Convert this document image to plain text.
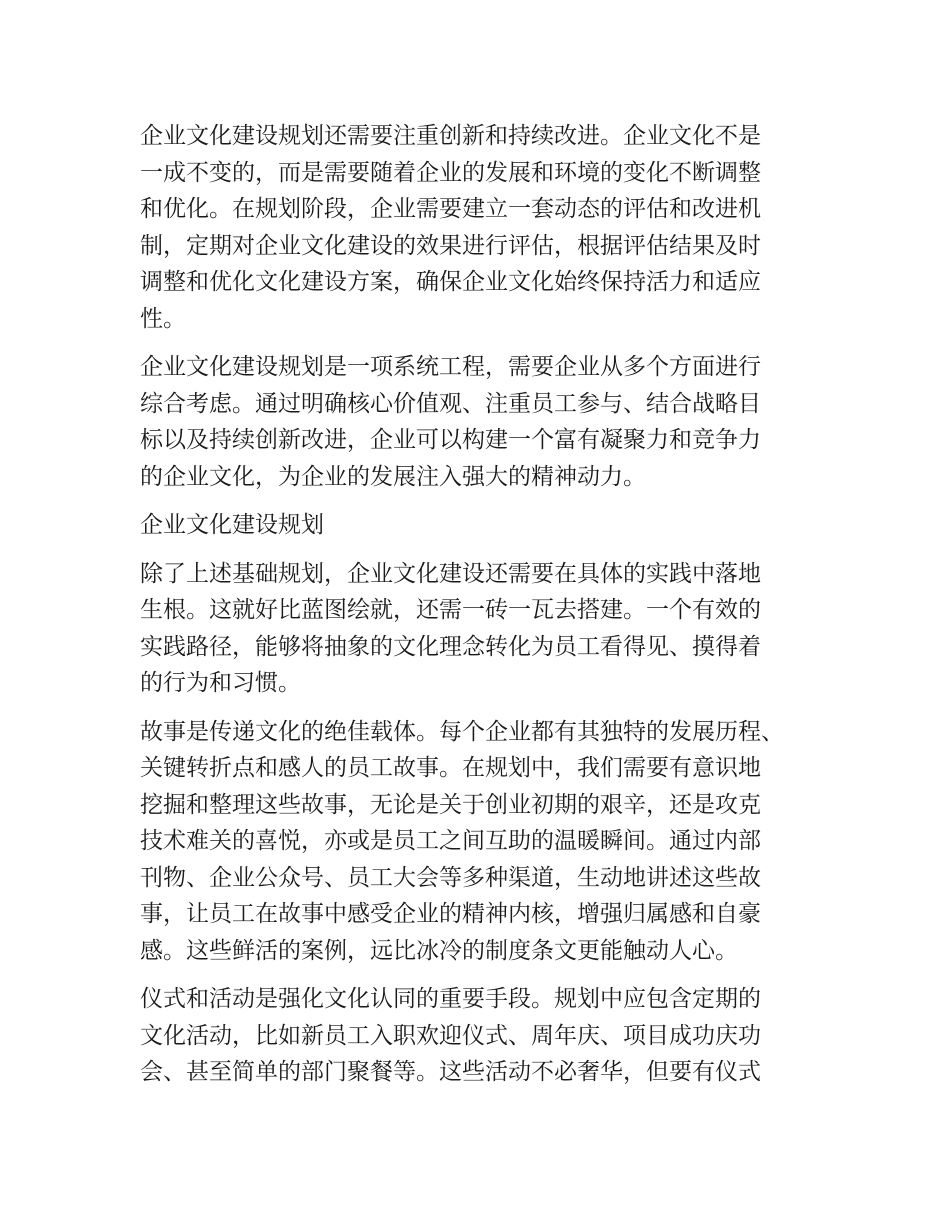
企业文化建设规划还需要注重创新和持续改进。企业文化不是
一成不变的，而是需要随着企业的发展和环境的变化不断调整
和优化。在规划阶段，企业需要建立一套动态的评估和改进机
制，定期对企业文化建设的效果进行评估，根据评估结果及时
调整和优化文化建设方案，确保企业文化始终保持活力和适应
性。
企业文化建设规划是一项系统工程，需要企业从多个方面进行
综合考虑。通过明确核心价值观、注重员工参与、结合战略目
标以及持续创新改进，企业可以构建一个富有凝聚力和竞争力
的企业文化，为企业的发展注入强大的精神动力。
企业文化建设规划
除了上述基础规划，企业文化建设还需要在具体的实践中落地
生根。这就好比蓝图绘就，还需一砖一瓦去搭建。一个有效的
实践路径，能够将抽象的文化理念转化为员工看得见、摸得着
的行为和习惯。
故事是传递文化的绝佳载体。每个企业都有其独特的发展历程、
关键转折点和感人的员工故事。在规划中，我们需要有意识地
挖掘和整理这些故事，无论是关于创业初期的艰辛，还是攻克
技术难关的喜悦，亦或是员工之间互助的温暖瞬间。通过内部
刊物、企业公众号、员工大会等多种渠道，生动地讲述这些故
事，让员工在故事中感受企业的精神内核，增强归属感和自豪
感。这些鲜活的案例，远比冰冷的制度条文更能触动人心。
仪式和活动是强化文化认同的重要手段。规划中应包含定期的
文化活动，比如新员工入职欢迎仪式、周年庆、项目成功庆功
会、甚至简单的部门聚餐等。这些活动不必奢华，但要有仪式
